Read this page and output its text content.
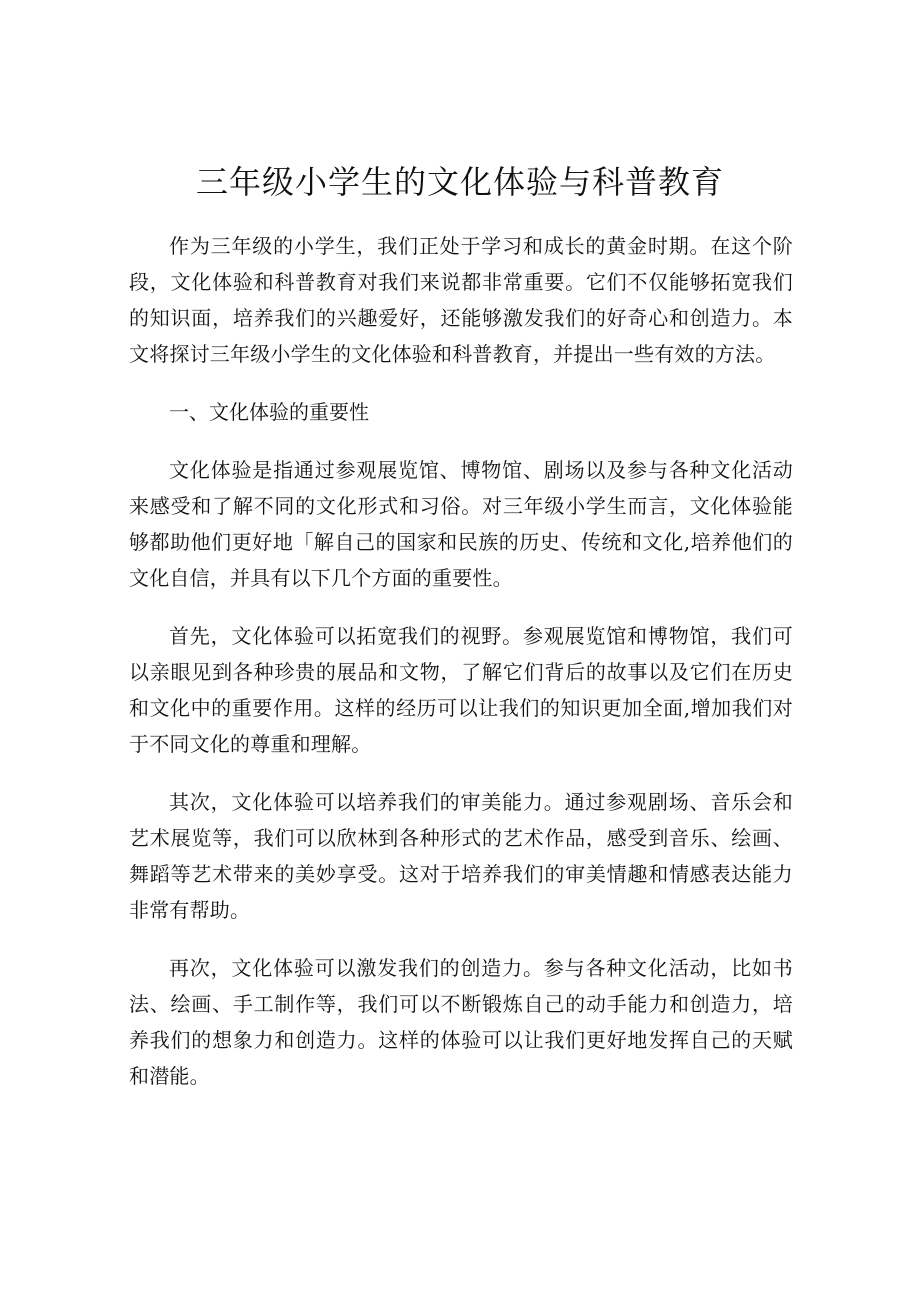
三年级小学生的文化体验与科普教育

作为三年级的小学生，我们正处于学习和成长的黄金时期。在这个阶段，文化体验和科普教育对我们来说都非常重要。它们不仅能够拓宽我们的知识面，培养我们的兴趣爱好，还能够激发我们的好奇心和创造力。本文将探讨三年级小学生的文化体验和科普教育，并提出一些有效的方法。

一、文化体验的重要性

文化体验是指通过参观展览馆、博物馆、剧场以及参与各种文化活动来感受和了解不同的文化形式和习俗。对三年级小学生而言，文化体验能够都助他们更好地「解自己的国家和民族的历史、传统和文化,培养他们的文化自信，并具有以下几个方面的重要性。

首先，文化体验可以拓宽我们的视野。参观展览馆和博物馆，我们可以亲眼见到各种珍贵的展品和文物，了解它们背后的故事以及它们在历史和文化中的重要作用。这样的经历可以让我们的知识更加全面,增加我们对于不同文化的尊重和理解。

其次，文化体验可以培养我们的审美能力。通过参观剧场、音乐会和艺术展览等，我们可以欣林到各种形式的艺术作品，感受到音乐、绘画、舞蹈等艺术带来的美妙享受。这对于培养我们的审美情趣和情感表达能力非常有帮助。

再次，文化体验可以激发我们的创造力。参与各种文化活动，比如书法、绘画、手工制作等，我们可以不断锻炼自己的动手能力和创造力，培养我们的想象力和创造力。这样的体验可以让我们更好地发挥自己的天赋和潜能。
